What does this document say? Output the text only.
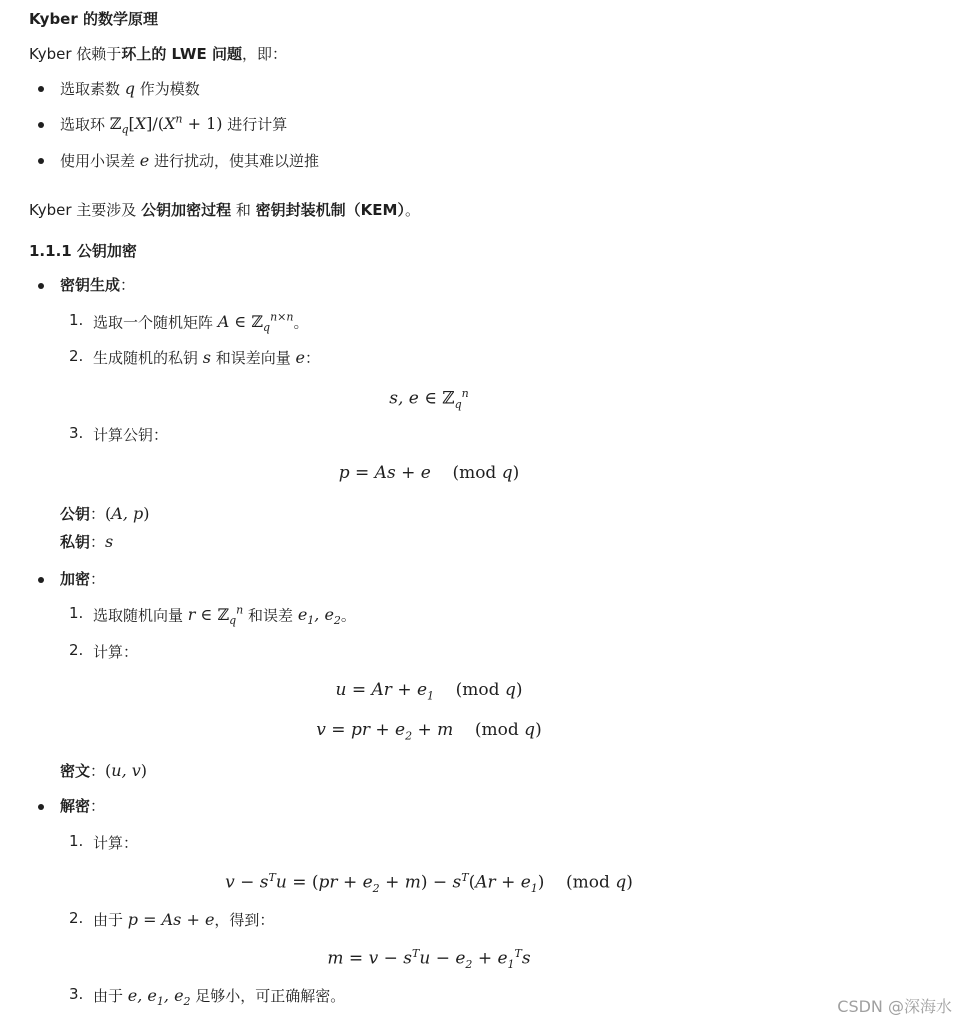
Kyber 的数学原理
Kyber 依赖于环上的 LWE 问题，即：
选取素数 q 作为模数
选取环 $ℤ_q[X]/(X^n + 1)$ 进行计算
使用小误差 e 进行扰动，使其难以逆推
Kyber 主要涉及 公钥加密过程 和 密钥封装机制（KEM）。
1.1.1 公钥加密
密钥生成：
1. 选取一个随机矩阵 A ∈ ℤ$_q^{n\times n}$。
2. 生成随机的私钥 s 和误差向量 e：
s, e ∈ ℤ$_q^n$
3. 计算公钥：
p = As + e    (mod q)
公钥：(A, p)
私钥：s
加密：
1. 选取随机向量 r ∈ ℤ$_q^n$ 和误差 $e_1$, $e_2$。
2. 计算：
$u = Ar + e_1$ (mod q)
v = pr + $e_2 + m$    (mod q)
密文：(u, v)
解密：
1. 计算：
$v - s^Tu = (pr + e_2 + m) - s^T(Ar + e_1)$ (mod q)
2. 由于 p = As + e，得到：
$m = v - s^Tu - e_2 + e_1^Ts$
3. 由于 e, $e_1$, $e_2$ 足够小，可正确解密。
CSDN @深海水
